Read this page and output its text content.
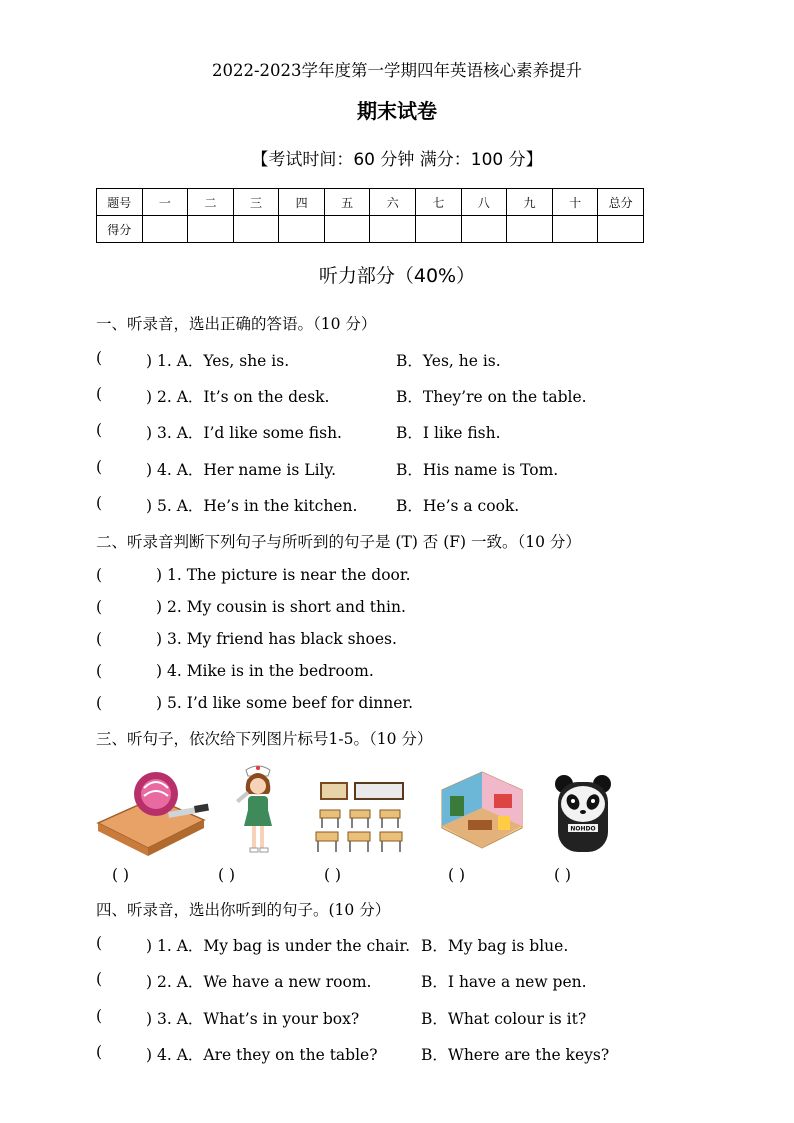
2022-2023学年度第一学期四年英语核心素养提升
期末试卷
【考试时间：60 分钟 满分：100 分】
题号	一	二	三	四	五	六	七	八	九	十	总分
得分											
听力部分（40%）
一、听录音，选出正确的答语。（10 分）
(	) 1. A．Yes, she is.	B．Yes, he is.
(	) 2. A．It’s on the desk.	B．They’re on the table.
(	) 3. A．I’d like some fish.	B．I like fish.
(	) 4. A．Her name is Lily.	B．His name is Tom.
(	) 5. A．He’s in the kitchen. B．He’s a cook.
二、听录音判断下列句子与所听到的句子是 (T) 否 (F) 一致。（10 分）
(	) 1. The picture is near the door.
(	) 2. My cousin is short and thin.
(	) 3. My friend has black shoes.
(	) 4. Mike is in the bedroom.
(	) 5. I’d like some beef for dinner.
三、听句子，依次给下列图片标号1-5。（10 分）
NOHDO
( )	( )	( )	( )	( )
四、听录音，选出你听到的句子。(10 分）
(	) 1. A．My bag is under the chair. B．My bag is blue.
(	) 2. A．We have a new room.	B．I have a new pen.
(	) 3. A．What’s in your box?	B．What colour is it?
(	) 4. A．Are they on the table?	B．Where are the keys?
